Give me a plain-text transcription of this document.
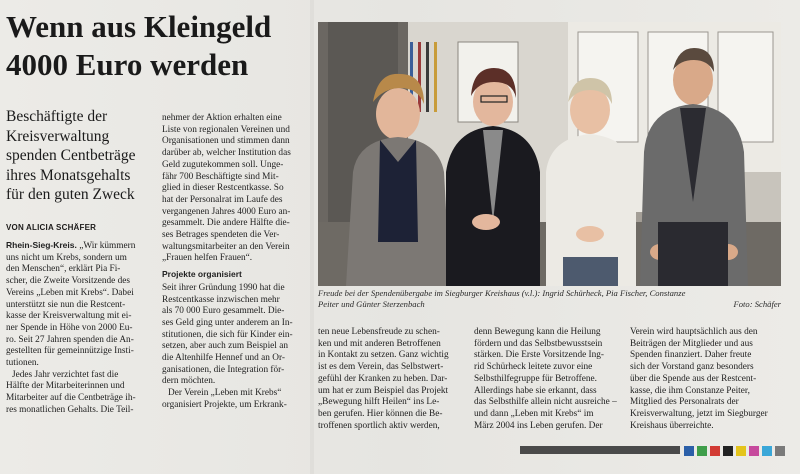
Wenn aus Kleingeld
4000 Euro werden
Beschäftigte der
Kreisverwaltung
spenden Centbeträge
ihres Monatsgehalts
für den guten Zweck
VON ALICIA SCHÄFER
Rhein-Sieg-Kreis. „Wir kümmern
uns nicht um Krebs, sondern um
den Menschen“, erklärt Pia Fi-
scher, die Zweite Vorsitzende des
Vereins „Leben mit Krebs“. Dabei
unterstützt sie nun die Restcent-
kasse der Kreisverwaltung mit ei-
ner Spende in Höhe von 2000 Eu-
ro. Seit 27 Jahren spenden die An-
gestellten für gemeinnützige Insti-
tutionen.
Jedes Jahr verzichtet fast die
Hälfte der Mitarbeiterinnen und
Mitarbeiter auf die Centbeträge ih-
res monatlichen Gehalts. Die Teil-
nehmer der Aktion erhalten eine
Liste von regionalen Vereinen und
Organisationen und stimmen dann
darüber ab, welcher Institution das
Geld zugutekommen soll. Unge-
fähr 700 Beschäftigte sind Mit-
glied in dieser Restcentkasse. So
hat der Personalrat im Laufe des
vergangenen Jahres 4000 Euro an-
gesammelt. Die andere Hälfte die-
ses Betrages spendeten die Ver-
waltungsmitarbeiter an den Verein
„Frauen helfen Frauen“.
Projekte organisiert
Seit ihrer Gründung 1990 hat die
Restcentkasse inzwischen mehr
als 70 000 Euro gesammelt. Die-
ses Geld ging unter anderem an In-
stitutionen, die sich für Kinder ein-
setzen, aber auch zum Beispiel an
die Altenhilfe Hennef und an Or-
ganisationen, die Integration för-
dern möchten.
Der Verein „Leben mit Krebs“
organisiert Projekte, um Erkrank-
Freude bei der Spendenübergabe im Siegburger Kreishaus (v.l.): Ingrid Schürheck, Pia Fischer, Constanze
Peiter und Günter Sterzenbach	Foto: Schäfer
ten neue Lebensfreude zu schen-
ken und mit anderen Betroffenen
in Kontakt zu setzen. Ganz wichtig
ist es dem Verein, das Selbstwert-
gefühl der Kranken zu heben. Dar-
um hat er zum Beispiel das Projekt
„Bewegung hilft Heilen“ ins Le-
ben gerufen. Hier können die Be-
troffenen sportlich aktiv werden,
denn Bewegung kann die Heilung
fördern und das Selbstbewusstsein
stärken. Die Erste Vorsitzende Ing-
rid Schürheck leitete zuvor eine
Selbsthilfegruppe für Betroffene.
Allerdings habe sie erkannt, dass
das Selbsthilfe allein nicht ausreiche –
und dann „Leben mit Krebs“ im
März 2004 ins Leben gerufen. Der
Verein wird hauptsächlich aus den
Beiträgen der Mitglieder und aus
Spenden finanziert. Daher freute
sich der Vorstand ganz besonders
über die Spende aus der Restcent-
kasse, die ihm Constanze Peiter,
Mitglied des Personalrats der
Kreisverwaltung, jetzt im Siegburger
Kreishaus überreichte.
